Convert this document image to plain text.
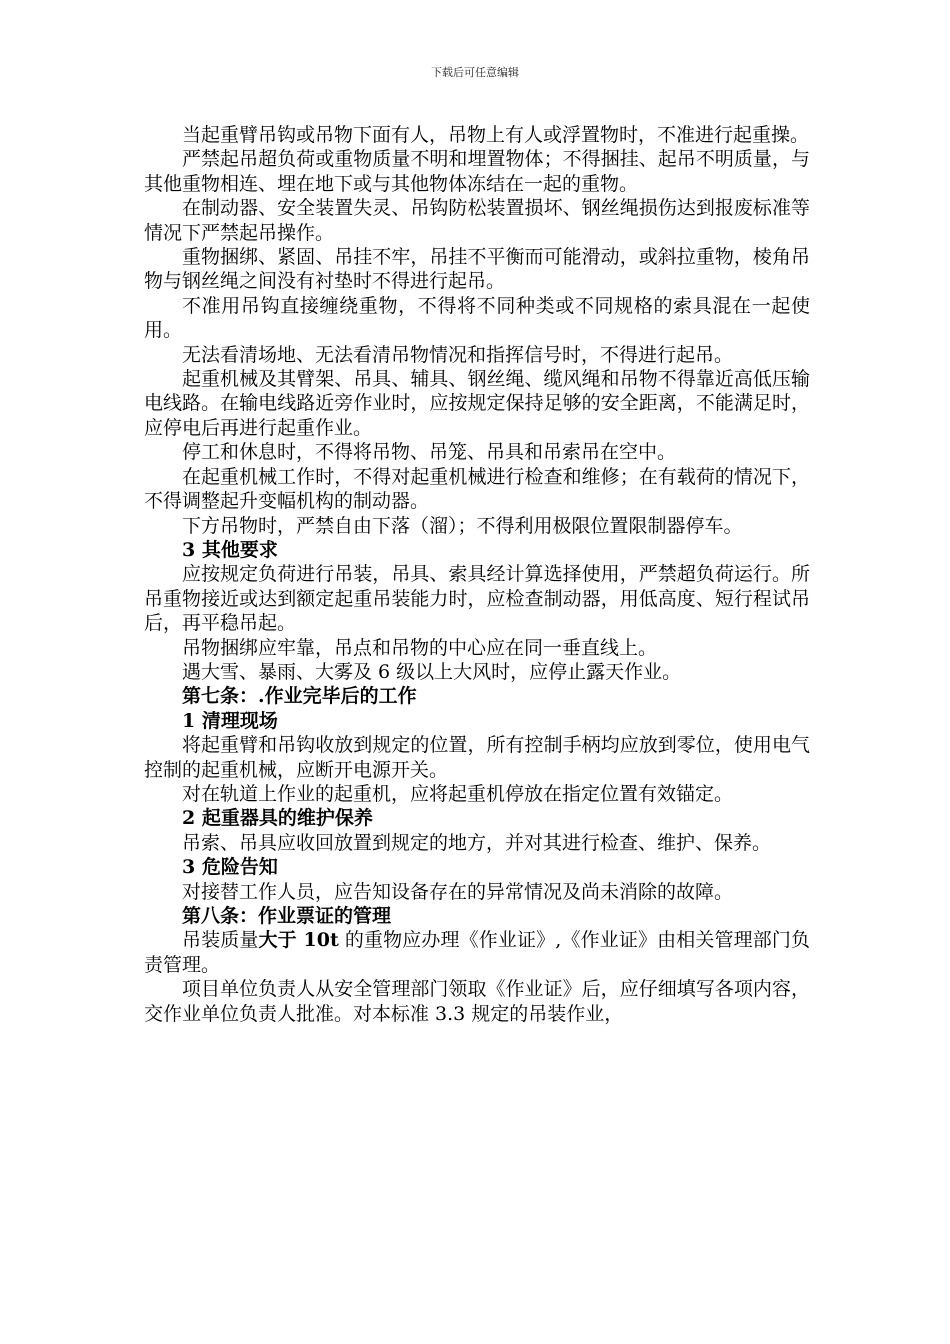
下载后可任意编辑

当起重臂吊钩或吊物下面有人，吊物上有人或浮置物时，不准进行起重操。

严禁起吊超负荷或重物质量不明和埋置物体；不得捆挂、起吊不明质量，与其他重物相连、埋在地下或与其他物体冻结在一起的重物。

在制动器、安全装置失灵、吊钩防松装置损坏、钢丝绳损伤达到报废标准等情况下严禁起吊操作。

重物捆绑、紧固、吊挂不牢，吊挂不平衡而可能滑动，或斜拉重物，棱角吊物与钢丝绳之间没有衬垫时不得进行起吊。

不准用吊钩直接缠绕重物，不得将不同种类或不同规格的索具混在一起使用。

无法看清场地、无法看清吊物情况和指挥信号时，不得进行起吊。

起重机械及其臂架、吊具、辅具、钢丝绳、缆风绳和吊物不得靠近高低压输电线路。在输电线路近旁作业时，应按规定保持足够的安全距离，不能满足时，应停电后再进行起重作业。

停工和休息时，不得将吊物、吊笼、吊具和吊索吊在空中。

在起重机械工作时，不得对起重机械进行检查和维修；在有载荷的情况下，不得调整起升变幅机构的制动器。

下方吊物时，严禁自由下落（溜）；不得利用极限位置限制器停车。

3 其他要求

应按规定负荷进行吊装，吊具、索具经计算选择使用，严禁超负荷运行。所吊重物接近或达到额定起重吊装能力时，应检查制动器，用低高度、短行程试吊后，再平稳吊起。

吊物捆绑应牢靠，吊点和吊物的中心应在同一垂直线上。

遇大雪、暴雨、大雾及 6 级以上大风时，应停止露天作业。

第七条：.作业完毕后的工作

1 清理现场

将起重臂和吊钩收放到规定的位置，所有控制手柄均应放到零位，使用电气控制的起重机械，应断开电源开关。

对在轨道上作业的起重机，应将起重机停放在指定位置有效锚定。

2 起重器具的维护保养

吊索、吊具应收回放置到规定的地方，并对其进行检查、维护、保养。

3 危险告知

对接替工作人员，应告知设备存在的异常情况及尚未消除的故障。

第八条：作业票证的管理

吊装质量大于 10t 的重物应办理《作业证》,《作业证》由相关管理部门负责管理。

项目单位负责人从安全管理部门领取《作业证》后，应仔细填写各项内容，交作业单位负责人批准。对本标准 3.3 规定的吊装作业，
